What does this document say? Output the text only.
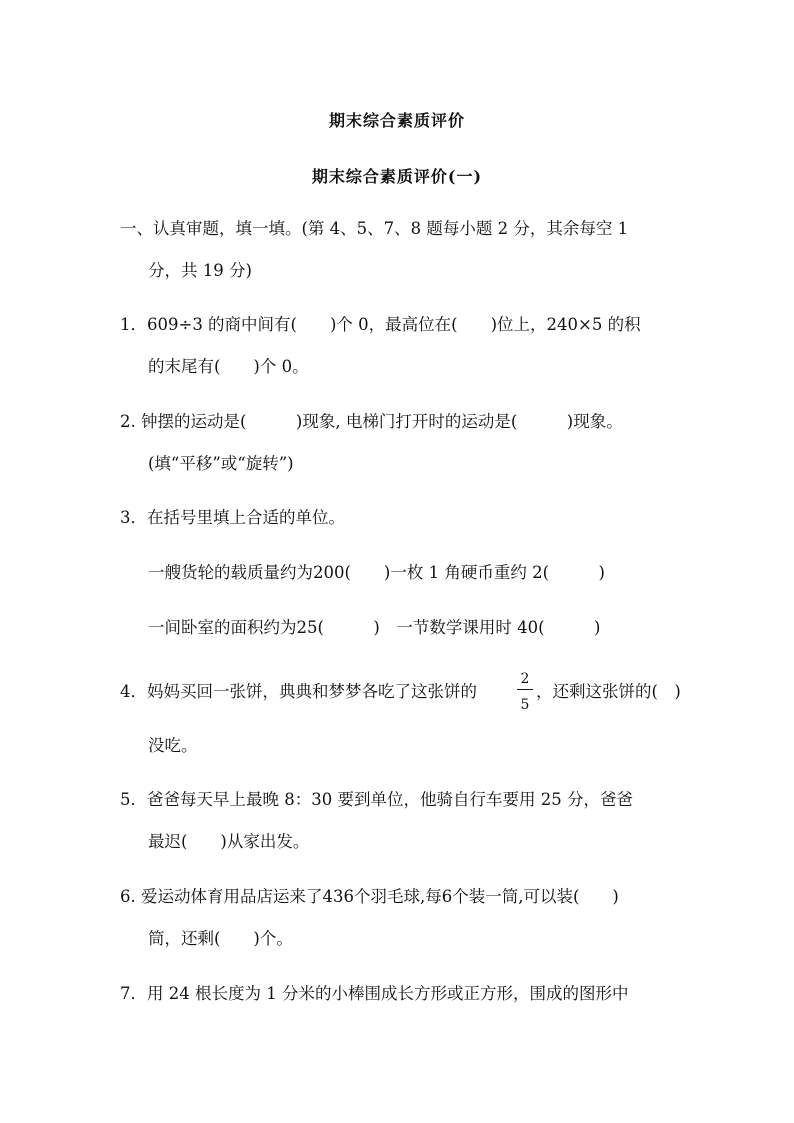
期末综合素质评价
期末综合素质评价(一)
一、认真审题，填一填。(第 4、5、7、8 题每小题 2 分，其余每空 1
分，共 19 分)
1．609÷3 的商中间有(　　)个 0，最高位在(　　)位上，240×5 的积
的末尾有(　　)个 0。
2. 钟摆的运动是(　　　)现象, 电梯门打开时的运动是(　　　)现象。
(填“平移”或“旋转”)
3．在括号里填上合适的单位。
一艘货轮的载质量约为200(　　)一枚 1 角硬币重约 2(　　　)
一间卧室的面积约为25(　　　)　一节数学课用时 40(　　　)
4．妈妈买回一张饼，典典和梦梦各吃了这张饼的
2
5
，还剩这张饼的(　)
没吃。
5．爸爸每天早上最晚 8：30 要到单位，他骑自行车要用 25 分，爸爸
最迟(　　)从家出发。
6. 爱运动体育用品店运来了436个羽毛球,每6个装一筒,可以装(　　)
筒，还剩(　　)个。
7．用 24 根长度为 1 分米的小棒围成长方形或正方形，围成的图形中
